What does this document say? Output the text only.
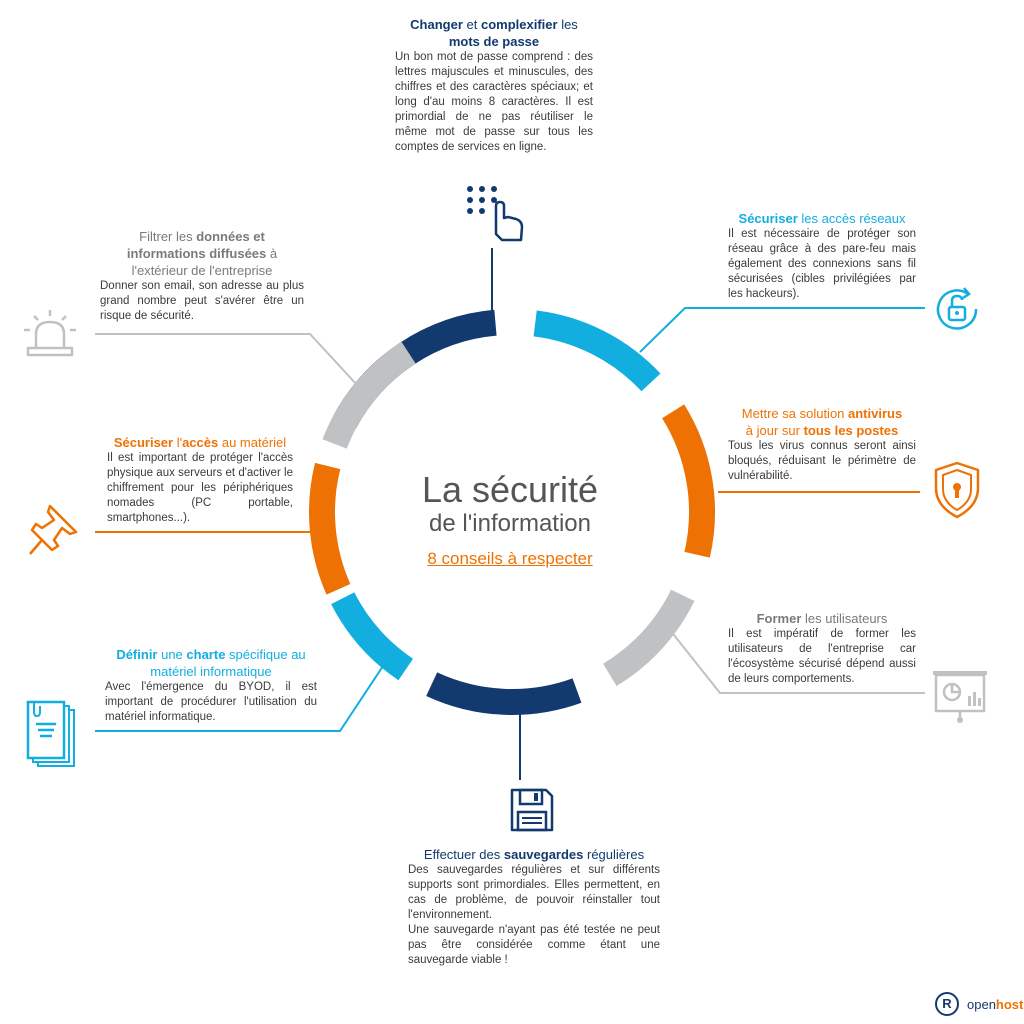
La sécurité
de l'information
8 conseils à respecter
Changer et complexifier les
mots de passe
Un bon mot de passe comprend : des lettres majuscules et minuscules, des chiffres et des caractères spéciaux; et long d'au moins 8 caractères. Il est primordial de ne pas réutiliser le même mot de passe sur tous les comptes de services en ligne.
Sécuriser les accès réseaux
Il est nécessaire de protéger son réseau grâce à des pare-feu mais également des connexions sans fil sécurisées (cibles privilégiées par les hackeurs).
Mettre sa solution antivirus
à jour sur tous les postes
Tous les virus connus seront ainsi bloqués, réduisant le périmètre de vulnérabilité.
Former les utilisateurs
Il est impératif de former les utilisateurs de l'entreprise car l'écosystème sécurisé dépend aussi de leurs comportements.
Effectuer des sauvegardes régulières
Des sauvegardes régulières et sur différents supports sont primordiales. Elles permettent, en cas de problème, de pouvoir réinstaller tout l'environnement.
Une sauvegarde n'ayant pas été testée ne peut pas être considérée comme étant une sauvegarde viable !
Définir une charte spécifique au
matériel informatique
Avec l'émergence du BYOD, il est important de procédurer l'utilisation du matériel informatique.
Sécuriser l'accès au matériel
Il est important de protéger l'accès physique aux serveurs et d'activer le chiffrement pour les périphériques nomades (PC portable, smartphones...).
Filtrer les données et
informations diffusées à
l'extérieur de l'entreprise
Donner son email, son adresse au plus grand nombre peut s'avérer être un risque de sécurité.
R	openhost
